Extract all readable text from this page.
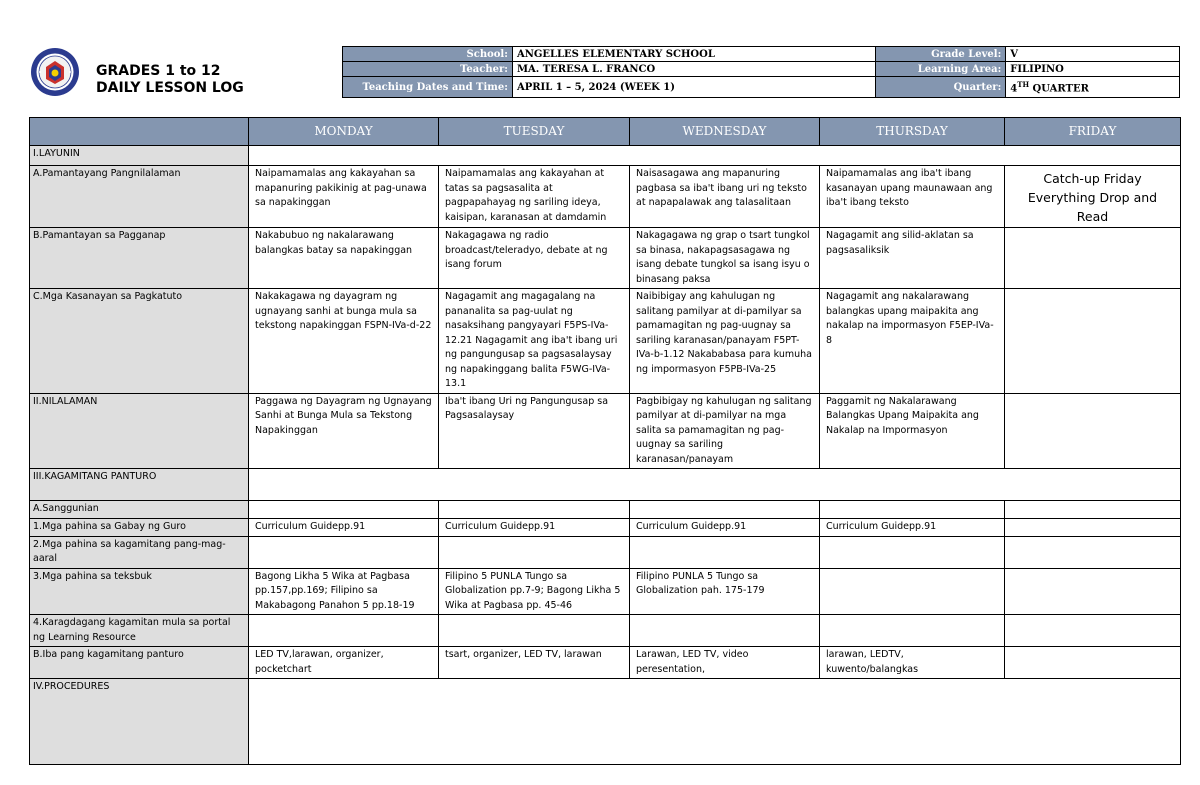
GRADES 1 to 12
DAILY LESSON LOG
School:	ANGELLES ELEMENTARY SCHOOL	Grade Level:	V
Teacher:	MA. TERESA L. FRANCO	Learning Area:	FILIPINO
Teaching Dates and Time:	APRIL 1 – 5, 2024 (WEEK 1)	Quarter:	4TH QUARTER
	MONDAY	TUESDAY	WEDNESDAY	THURSDAY	FRIDAY
I.LAYUNIN					
A.Pamantayang Pangnilalaman	Naipamamalas ang kakayahan sa mapanuring pakikinig at pag-unawa sa napakinggan	Naipamamalas ang kakayahan at tatas sa pagsasalita at pagpapahayag ng sariling ideya, kaisipan, karanasan at damdamin	Naisasagawa ang mapanuring pagbasa sa iba't ibang uri ng teksto at napapalawak ang talasalitaan	Naipamamalas ang iba't ibang kasanayan upang maunawaan ang iba't ibang teksto	Catch-up Friday Everything Drop and Read
B.Pamantayan sa Pagganap	Nakabubuo ng nakalarawang balangkas batay sa napakinggan	Nakagagawa ng radio broadcast/teleradyo, debate at ng isang forum	Nakagagawa ng grap o tsart tungkol sa binasa, nakapagsasagawa ng isang debate tungkol sa isang isyu o binasang paksa	Nagagamit ang silid-aklatan sa pagsasaliksik	
C.Mga Kasanayan sa Pagkatuto	Nakakagawa ng dayagram ng ugnayang sanhi at bunga mula sa tekstong napakinggan FSPN-IVa-d-22	Nagagamit ang magagalang na pananalita sa pag-uulat ng nasaksihang pangyayari F5PS-IVa-12.21 Nagagamit ang iba't ibang uri ng pangungusap sa pagsasalaysay ng napakinggang balita F5WG-IVa-13.1	Naibibigay ang kahulugan ng salitang pamilyar at di-pamilyar sa pamamagitan ng pag-uugnay sa sariling karanasan/panayam F5PT-IVa-b-1.12 Nakababasa para kumuha ng impormasyon F5PB-IVa-25	Nagagamit ang nakalarawang balangkas upang maipakita ang nakalap na impormasyon F5EP-IVa-8	
II.NILALAMAN	Paggawa ng Dayagram ng Ugnayang Sanhi at Bunga Mula sa Tekstong Napakinggan	Iba't ibang Uri ng Pangungusap sa Pagsasalaysay	Pagbibigay ng kahulugan ng salitang pamilyar at di-pamilyar na mga salita sa pamamagitan ng pag-uugnay sa sariling karanasan/panayam	Paggamit ng Nakalarawang Balangkas Upang Maipakita ang Nakalap na Impormasyon	
III.KAGAMITANG PANTURO					
A.Sanggunian					
1.Mga pahina sa Gabay ng Guro	Curriculum Guidepp.91	Curriculum Guidepp.91	Curriculum Guidepp.91	Curriculum Guidepp.91	
2.Mga pahina sa kagamitang pang-mag-aaral					
3.Mga pahina sa teksbuk	Bagong Likha 5 Wika at Pagbasa pp.157,pp.169; Filipino sa Makabagong Panahon 5 pp.18-19	Filipino 5 PUNLA Tungo sa Globalization pp.7-9; Bagong Likha 5 Wika at Pagbasa pp. 45-46	Filipino PUNLA 5 Tungo sa Globalization pah. 175-179		
4.Karagdagang kagamitan mula sa portal ng Learning Resource					
B.Iba pang kagamitang panturo	LED TV,larawan, organizer, pocketchart	tsart, organizer, LED TV, larawan	Larawan, LED TV, video peresentation,	larawan, LEDTV, kuwento/balangkas	
IV.PROCEDURES					
